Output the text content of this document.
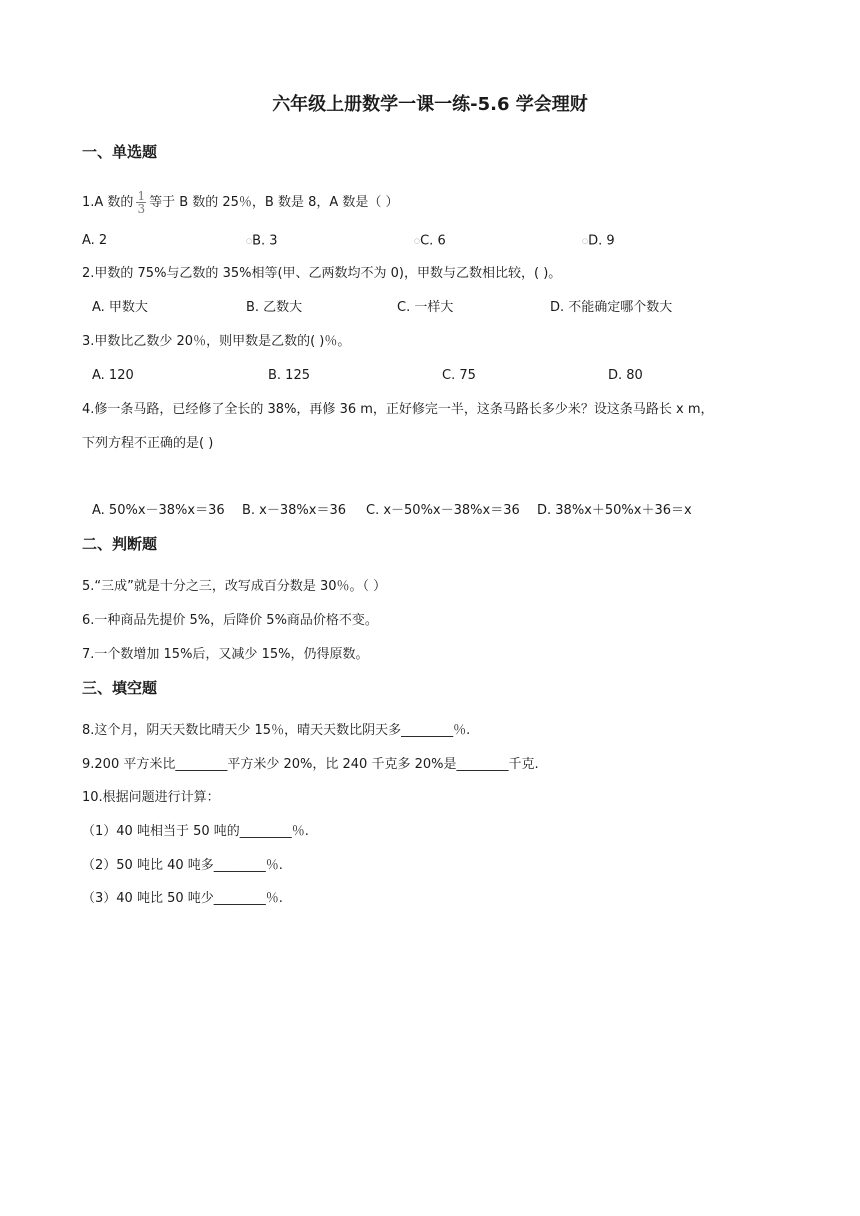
六年级上册数学一课一练-5.6 学会理财
一、单选题
1.A 数的 $\frac{1}{3}$ 等于 B 数的 25％，B 数是 8，A 数是（ ）
A. 2	○B. 3	○C. 6	○D. 9
2.甲数的 75%与乙数的 35%相等(甲、乙两数均不为 0)，甲数与乙数相比较，( )。
A. 甲数大	B. 乙数大	C. 一样大	D. 不能确定哪个数大
3.甲数比乙数少 20％，则甲数是乙数的( )％。
A. 120	B. 125	C. 75	D. 80
4.修一条马路，已经修了全长的 38%，再修 36 m，正好修完一半，这条马路长多少米？设这条马路长 x m，
下列方程不正确的是( )
A. 50%x－38%x＝36 B. x－38%x＝36 C. x－50%x－38%x＝36 D. 38%x＋50%x＋36＝x
二、判断题
5.“三成”就是十分之三，改写成百分数是 30％。（ ）
6.一种商品先提价 5%，后降价 5%商品价格不变。
7.一个数增加 15%后，又减少 15%，仍得原数。
三、填空题
8.这个月，阴天天数比晴天少 15％，晴天天数比阴天多________％.
9.200 平方米比________平方米少 20%，比 240 千克多 20%是________千克.
10.根据问题进行计算：
（1）40 吨相当于 50 吨的________％.
（2）50 吨比 40 吨多________％.
（3）40 吨比 50 吨少________％.
